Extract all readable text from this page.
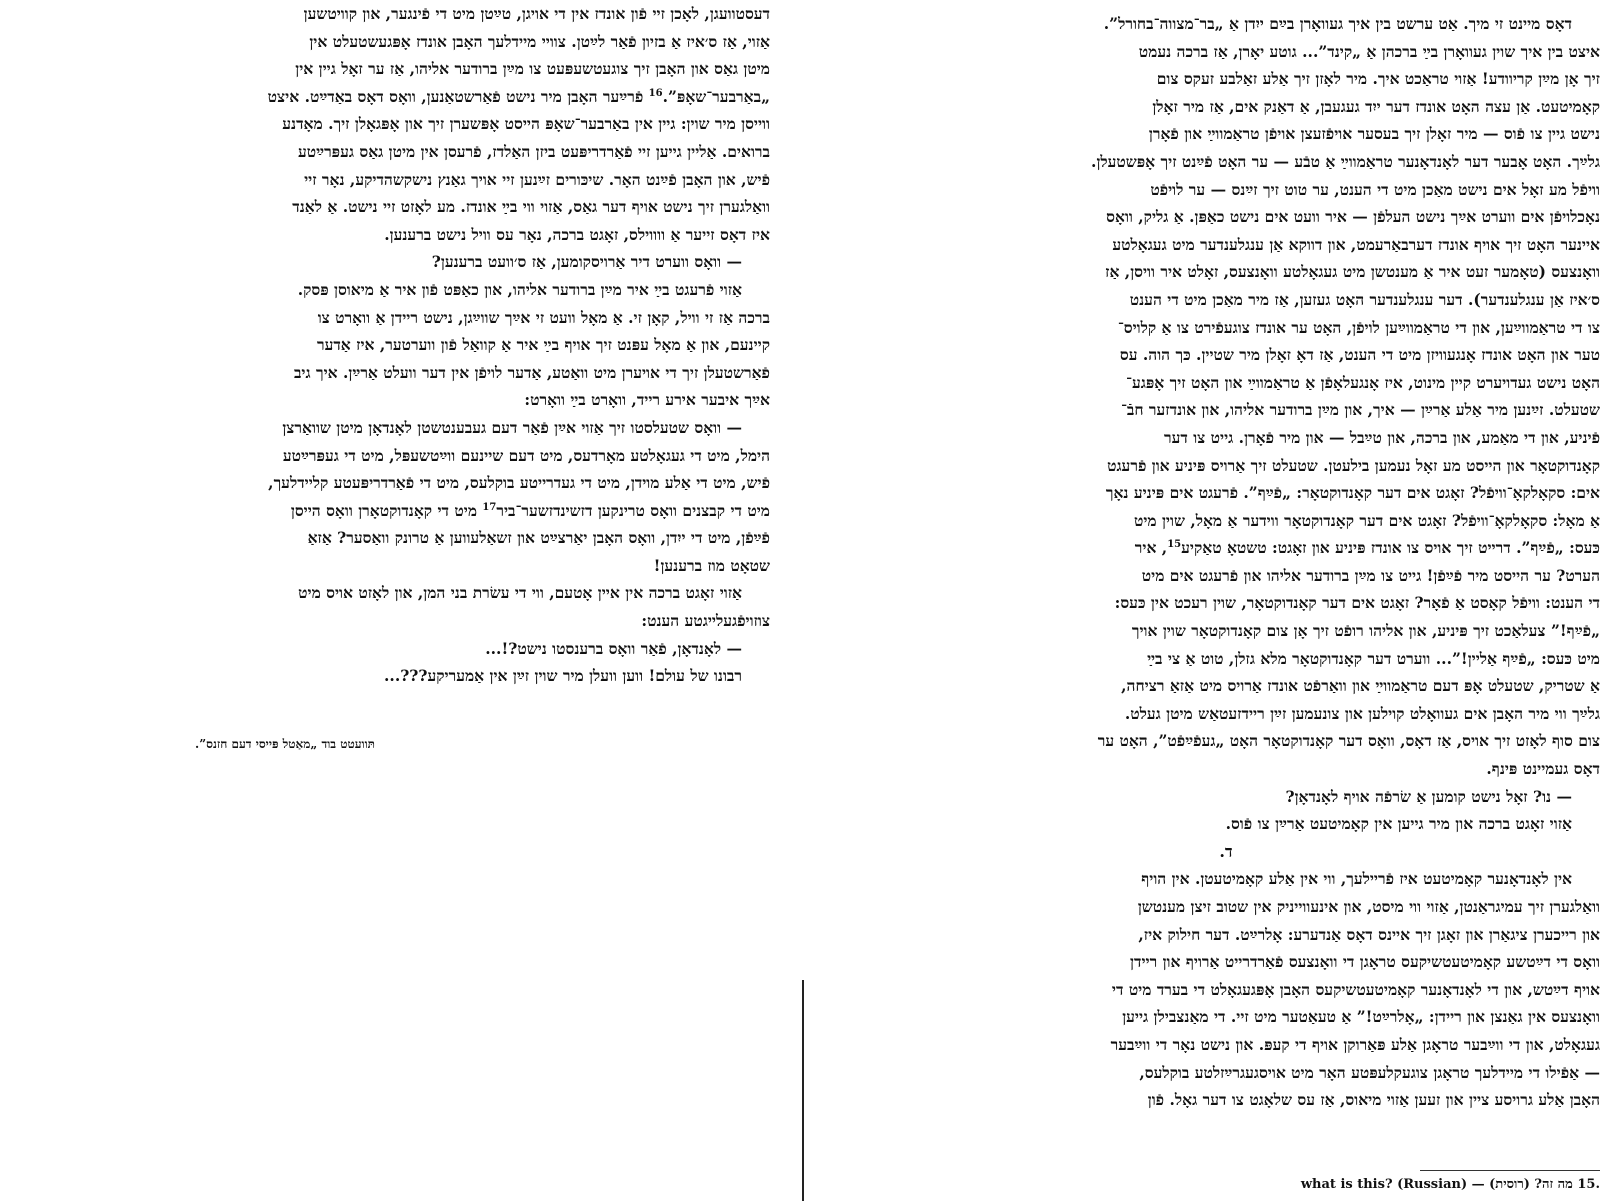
דעסטוועגן, לאָכן זיי פֿון אונדז אין די אויגן, טײַטן מיט די פֿינגער, און קוויטשען

אַזוי, אַז ס׳איז אַ בזיון פֿאַר לײַטן. צוויי מיידלעך האָבן אונדז אָפּגעשטעלט אין

מיטן גאַס און האָבן זיך צוגעטשעפּעט צו מײַן ברודער אליהו, אַז ער זאָל גיין אין

„באַרבער־שאָפּ”.$^{16}$ פֿרײַער האָבן מיר נישט פֿאַרשטאַנען, וואָס דאָס באַדײַט. איצט

ווייסן מיר שוין: גיין אין באַרבער־שאָפּ הייסט אָפּשערן זיך און אָפּגאָלן זיך. מאָדנע

ברואים. אַליין גייען זיי פֿאַרדריפּעט ביזן האַלדז, פֿרעסן אין מיטן גאַס געפּרײַטע

פֿיש, און האָבן פֿײַנט האָר. שיכּורים זײַנען זיי אויך גאַנץ נישקשהדיקע, נאָר זיי

וואַלגערן זיך נישט אויף דער גאַס, אַזוי ווי בײַ אונדז. מע לאָזט זיי נישט. אַ לאַנד

איז דאָס זייער אַ ווווילס, זאָגט ברכה, נאָר עס וויל נישט ברענען.

— וואָס ווערט דיר אַרויסקומען, אַז ס׳וועט ברענען?

אַזוי פֿרעגט בײַ איר מײַן ברודער אליהו, און כאַפּט פֿון איר אַ מיאוסן פּסק.

ברכה אַז זי וויל, קאָן זי. אַ מאָל וועט זי אײַך שווײַגן, נישט ריידן אַ וואָרט צו

קיינעם, און אַ מאָל עפּנט זיך אויף בײַ איר אַ קוואַל פֿון ווערטער, איז אַדער

פֿאַרשטעלן זיך די אויערן מיט וואַטע, אַדער לויפֿן אין דער וועלט אַרײַן. איך גיב

אײַך איבער אירע רייד, וואָרט בײַ וואָרט:

— וואָס שטעלסטו זיך אַזוי אײַן פֿאַר דעם געבענטשטן לאָנדאָן מיטן שוואַרצן

הימל, מיט די געגאָלטע מאָרדעס, מיט דעם שיינעם ווײַטשעפּל, מיט די געפּרײַטע

פֿיש, מיט די אַלע מוידן, מיט די געדרייטע בוקלעס, מיט די פֿאַרדריפּעטע קליידלעך,

מיט די קבצנים וואָס טרינקען דזשינדזשער־ביר$^{17}$ מיט די קאָנדוקטאָרן וואָס הייסן

פֿײַפֿן, מיט די ייִדן, וואָס האָבן יאַרצײַט און זשאַלעווען אַ טרונק וואַסער? אַזאַ

שטאָט מוז ברענען!

אַזוי זאָגט ברכה אין איין אָטעם, ווי די עשׂרת בני המן, און לאָזט אויס מיט

צוזויפֿגעלייגטע הענט:

— לאָנדאָן, פֿאַר וואָס ברענסטו נישט?!...

רבונו של עולם! ווען וועלן מיר שוין זײַן אין אַמעריקע???...

תּוועטט בוד „מאַטל פּייסי דעם חזנס”.

דאָס מיינט זי מיך. אַט ערשט בין איך געוואָרן בײַם ייִדן אַ „בר־מצווה־בחורל”.

איצט בין איך שוין געוואָרן בײַ ברכהן אַ „קינד”... גוטע יאָרן, אַז ברכה נעמט

זיך אָן מײַן קריוודע! אַזוי טראַכט איך. מיר לאָזן זיך אַלע זאַלבע זעקס צום

קאָמיטעט. אַן עצה האָט אונדז דער ייִד געגעבן, אַ דאַנק אים, אַז מיר זאָלן

נישט גיין צו פֿוס — מיר זאָלן זיך בעסער אויפֿזעצן אויפֿן טראַמווײַ און פֿאָרן

גלײַך. האָט אָבער דער לאָנדאָנער טראַמווײַ אַ טבֿע — ער האָט פֿײַנט זיך אָפּשטעלן.

וויפֿל מע זאָל אים נישט מאַכן מיט די הענט, ער טוט זיך זײַנס — ער לויפֿט

נאָכלויפֿן אים ווערט אײַך נישט העלפֿן — איר וועט אים נישט כאַפּן. אַ גליק, וואָס

איינער האָט זיך אויף אונדז דערבאַרעמט, און דווקא אַן ענגלענדער מיט געגאָלטע

וואָנצעס (טאָמער זעט איר אַ מענטשן מיט געגאָלטע וואָנצעס, זאָלט איר וויסן, אַז

ס׳איז אַן ענגלענדער). דער ענגלענדער האָט געזען, אַז מיר מאַכן מיט די הענט

צו די טראַמווײַען, און די טראַמווײַען לויפֿן, האָט ער אונדז צוגעפֿירט צו אַ קלויס־

טער און האָט אונדז אָנגעוויזן מיט די הענט, אַז דאָ זאָלן מיר שטיין. כּך הוה. עס

האָט נישט געדויערט קיין מינוט, איז אָנגעלאָפֿן אַ טראַמווײַ און האָט זיך אָפּגע־

שטעלט. זײַנען מיר אַלע אַרײַן — איך, און מײַן ברודער אליהו, און אונדזער חבֿ־

פֿיניע, און די מאַמע, און ברכה, און טײַבל — און מיר פֿאָרן. גייט צו דער

קאָנדוקטאָר און הייסט מע זאָל נעמען בילעטן. שטעלט זיך אַרויס פּיניע און פֿרעגט

אים: סקאָלקאָ־וויפֿל? זאָגט אים דער קאָנדוקטאָר: „פֿײַף”. פֿרעגט אים פּיניע נאָך

אַ מאָל: סקאָלקאָ־וויפֿל? זאָגט אים דער קאָנדוקטאָר ווידער אַ מאָל, שוין מיט

כּעס: „פֿײַף”. דרייט זיך אויס צו אונדז פּיניע און זאָגט: טשטאָ טאַקיע$^{15}$, איר

הערט? ער הייסט מיר פֿײַפֿן! גייט צו מײַן ברודער אליהו און פֿרעגט אים מיט

די הענט: וויפֿל קאָסט אַ פֿאָר? זאָגט אים דער קאָנדוקטאָר, שוין רעכט אין כּעס:

„פֿײַף!” צעלאַכט זיך פּיניע, און אליהו רופֿט זיך אָן צום קאָנדוקטאָר שוין אויך

מיט כּעס: „פֿײַף אַליין!”... ווערט דער קאָנדוקטאָר מלא גזלן, טוט אַ צי בײַ

אַ שטריק, שטעלט אָפּ דעם טראַמווײַ און וואַרפֿט אונדז אַרויס מיט אַזאַ רציחה,

גלײַך ווי מיר האָבן אים געוואָלט קוילען און צונעמען זײַן ריידזעטאַש מיטן געלט.

צום סוף לאָזט זיך אויס, אַז דאָס, וואָס דער קאָנדוקטאָר האָט „געפֿײַפֿט”, האָט ער

דאָס געמיינט פּינף.

— נו? זאָל נישט קומען אַ שׂרפֿה אויף לאָנדאָן?

אַזוי זאָגט ברכה און מיר גייען אין קאָמיטעט אַרײַן צו פֿוס.

ד.

אין לאָנדאָנער קאָמיטעט איז פֿריילעך, ווי אין אַלע קאָמיטעטן. אין הויף

וואַלגערן זיך עמיגראַנטן, אַזוי ווי מיסט, און אינעווייניק אין שטוב זיצן מענטשן

און רייכערן ציגאַרן און זאָגן זיך איינס דאָס אַנדערע: אָלרײַט. דער חילוק איז,

וואָס די דײַטשע קאָמיטעטשיקעס טראָגן די וואָנצעס פֿאַרדרייט אַרויף און ריידן

אויף דײַטש, און די לאָנדאָנער קאָמיטעטשיקעס האָבן אָפּגעגאָלט די בערד מיט די

וואָנצעס אין גאַנצן און ריידן: „אָלרײַט!” אַ טעאַטער מיט זיי. די מאַנצבילן גייען

געגאָלט, און די ווײַבער טראָגן אַלע פּאַרוקן אויף די קעפּ. און נישט נאָר די ווײַבער

— אַפֿילו די מיידלעך טראָגן צוגעקלעפּטע האָר מיט אויסגעגרײַזלטע בוקלעס,

האָבן אַלע גרויסע ציין און זעען אַזוי מיאוס, אַז עס שלאָגט צו דער גאָל. פֿון

.15 מה זה? (רוסית) — what is this? (Russian)
